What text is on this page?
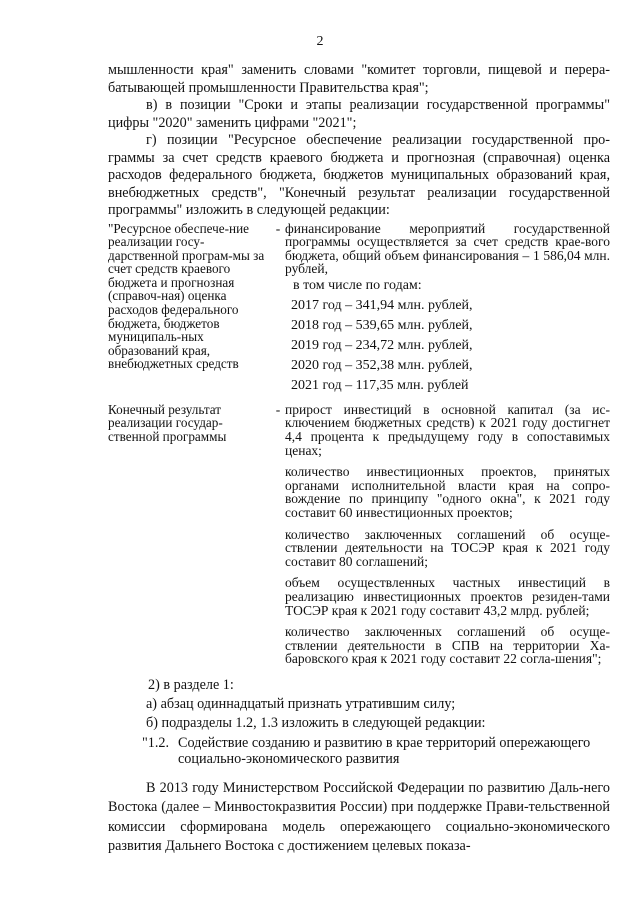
2

мышленности края" заменить словами "комитет торговли, пищевой и перера-батывающей промышленности Правительства края";

в) в позиции "Сроки и этапы реализации государственной программы" цифры "2020" заменить цифрами "2021";

г) позиции "Ресурсное обеспечение реализации государственной про-граммы за счет средств краевого бюджета и прогнозная (справочная) оценка расходов федерального бюджета, бюджетов муниципальных образований края, внебюджетных средств", "Конечный результат реализации государственной программы" изложить в следующей редакции:

"Ресурсное обеспече-ние реализации госу-дарственной програм-мы за счет средств краевого бюджета и прогнозная (справоч-ная) оценка расходов федерального бюджета, бюджетов муниципаль-ных образований края, внебюджетных средств
- финансирование мероприятий государственной программы осуществляется за счет средств крае-вого бюджета, общий объем финансирования – 1 586,04 млн. рублей,
в том числе по годам:
2017 год – 341,94 млн. рублей,
2018 год – 539,65 млн. рублей,
2019 год – 234,72 млн. рублей,
2020 год – 352,38 млн. рублей,
2021 год – 117,35 млн. рублей
Конечный результат реализации государ-ственной программы
- прирост инвестиций в основной капитал (за ис-ключением бюджетных средств) к 2021 году достигнет 4,4 процента к предыдущему году в сопоставимых ценах;
количество инвестиционных проектов, принятых органами исполнительной власти края на сопро-вождение по принципу "одного окна", к 2021 году составит 60 инвестиционных проектов;
количество заключенных соглашений об осуще-ствлении деятельности на ТОСЭР края к 2021 году составит 80 соглашений;
объем осуществленных частных инвестиций в реализацию инвестиционных проектов резиден-тами ТОСЭР края к 2021 году составит 43,2 млрд. рублей;
количество заключенных соглашений об осуще-ствлении деятельности в СПВ на территории Ха-баровского края к 2021 году составит 22 согла-шения";

2) в разделе 1:

а) абзац одиннадцатый признать утратившим силу;

б) подразделы 1.2, 1.3 изложить в следующей редакции:

"1.2. Содействие созданию и развитию в крае территорий опережающего
социально-экономического развития

В 2013 году Министерством Российской Федерации по развитию Даль-него Востока (далее – Минвостокразвития России) при поддержке Прави-тельственной комиссии сформирована модель опережающего социально-экономического развития Дальнего Востока с достижением целевых показа-
